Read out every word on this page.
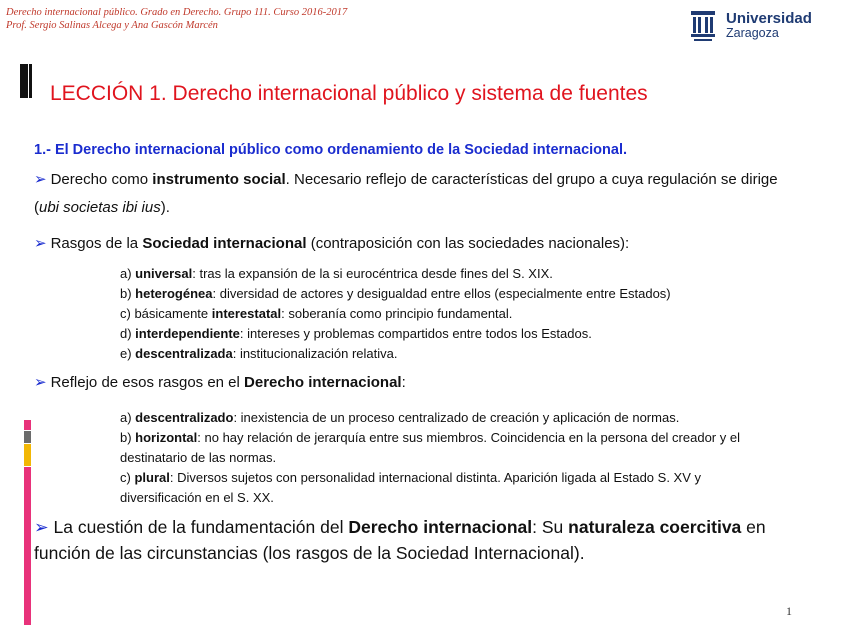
Derecho internacional público. Grado en Derecho. Grupo 111. Curso 2016-2017
Prof. Sergio Salinas Alcega y Ana Gascón Marcén	Universidad
Zaragoza
LECCIÓN 1. Derecho internacional público y sistema de fuentes
1.- El Derecho internacional público como ordenamiento de la Sociedad internacional.
➢ Derecho como instrumento social. Necesario reflejo de características del grupo a cuya regulación se dirige
(ubi societas ibi ius).
➢ Rasgos de la Sociedad internacional (contraposición con las sociedades nacionales):
a) universal: tras la expansión de la si eurocéntrica desde fines del S. XIX.
b) heterogénea: diversidad de actores y desigualdad entre ellos (especialmente entre Estados)
c) básicamente interestatal: soberanía como principio fundamental.
d) interdependiente: intereses y problemas compartidos entre todos los Estados.
e) descentralizada: institucionalización relativa.
➢ Reflejo de esos rasgos en el Derecho internacional:
a) descentralizado: inexistencia de un proceso centralizado de creación y aplicación de normas.
b) horizontal: no hay relación de jerarquía entre sus miembros. Coincidencia en la persona del creador y el destinatario de las normas.
c) plural: Diversos sujetos con personalidad internacional distinta. Aparición ligada al Estado S. XV y diversificación en el S. XX.
➢ La cuestión de la fundamentación del Derecho internacional: Su naturaleza coercitiva en función de las circunstancias (los rasgos de la Sociedad Internacional).
1
